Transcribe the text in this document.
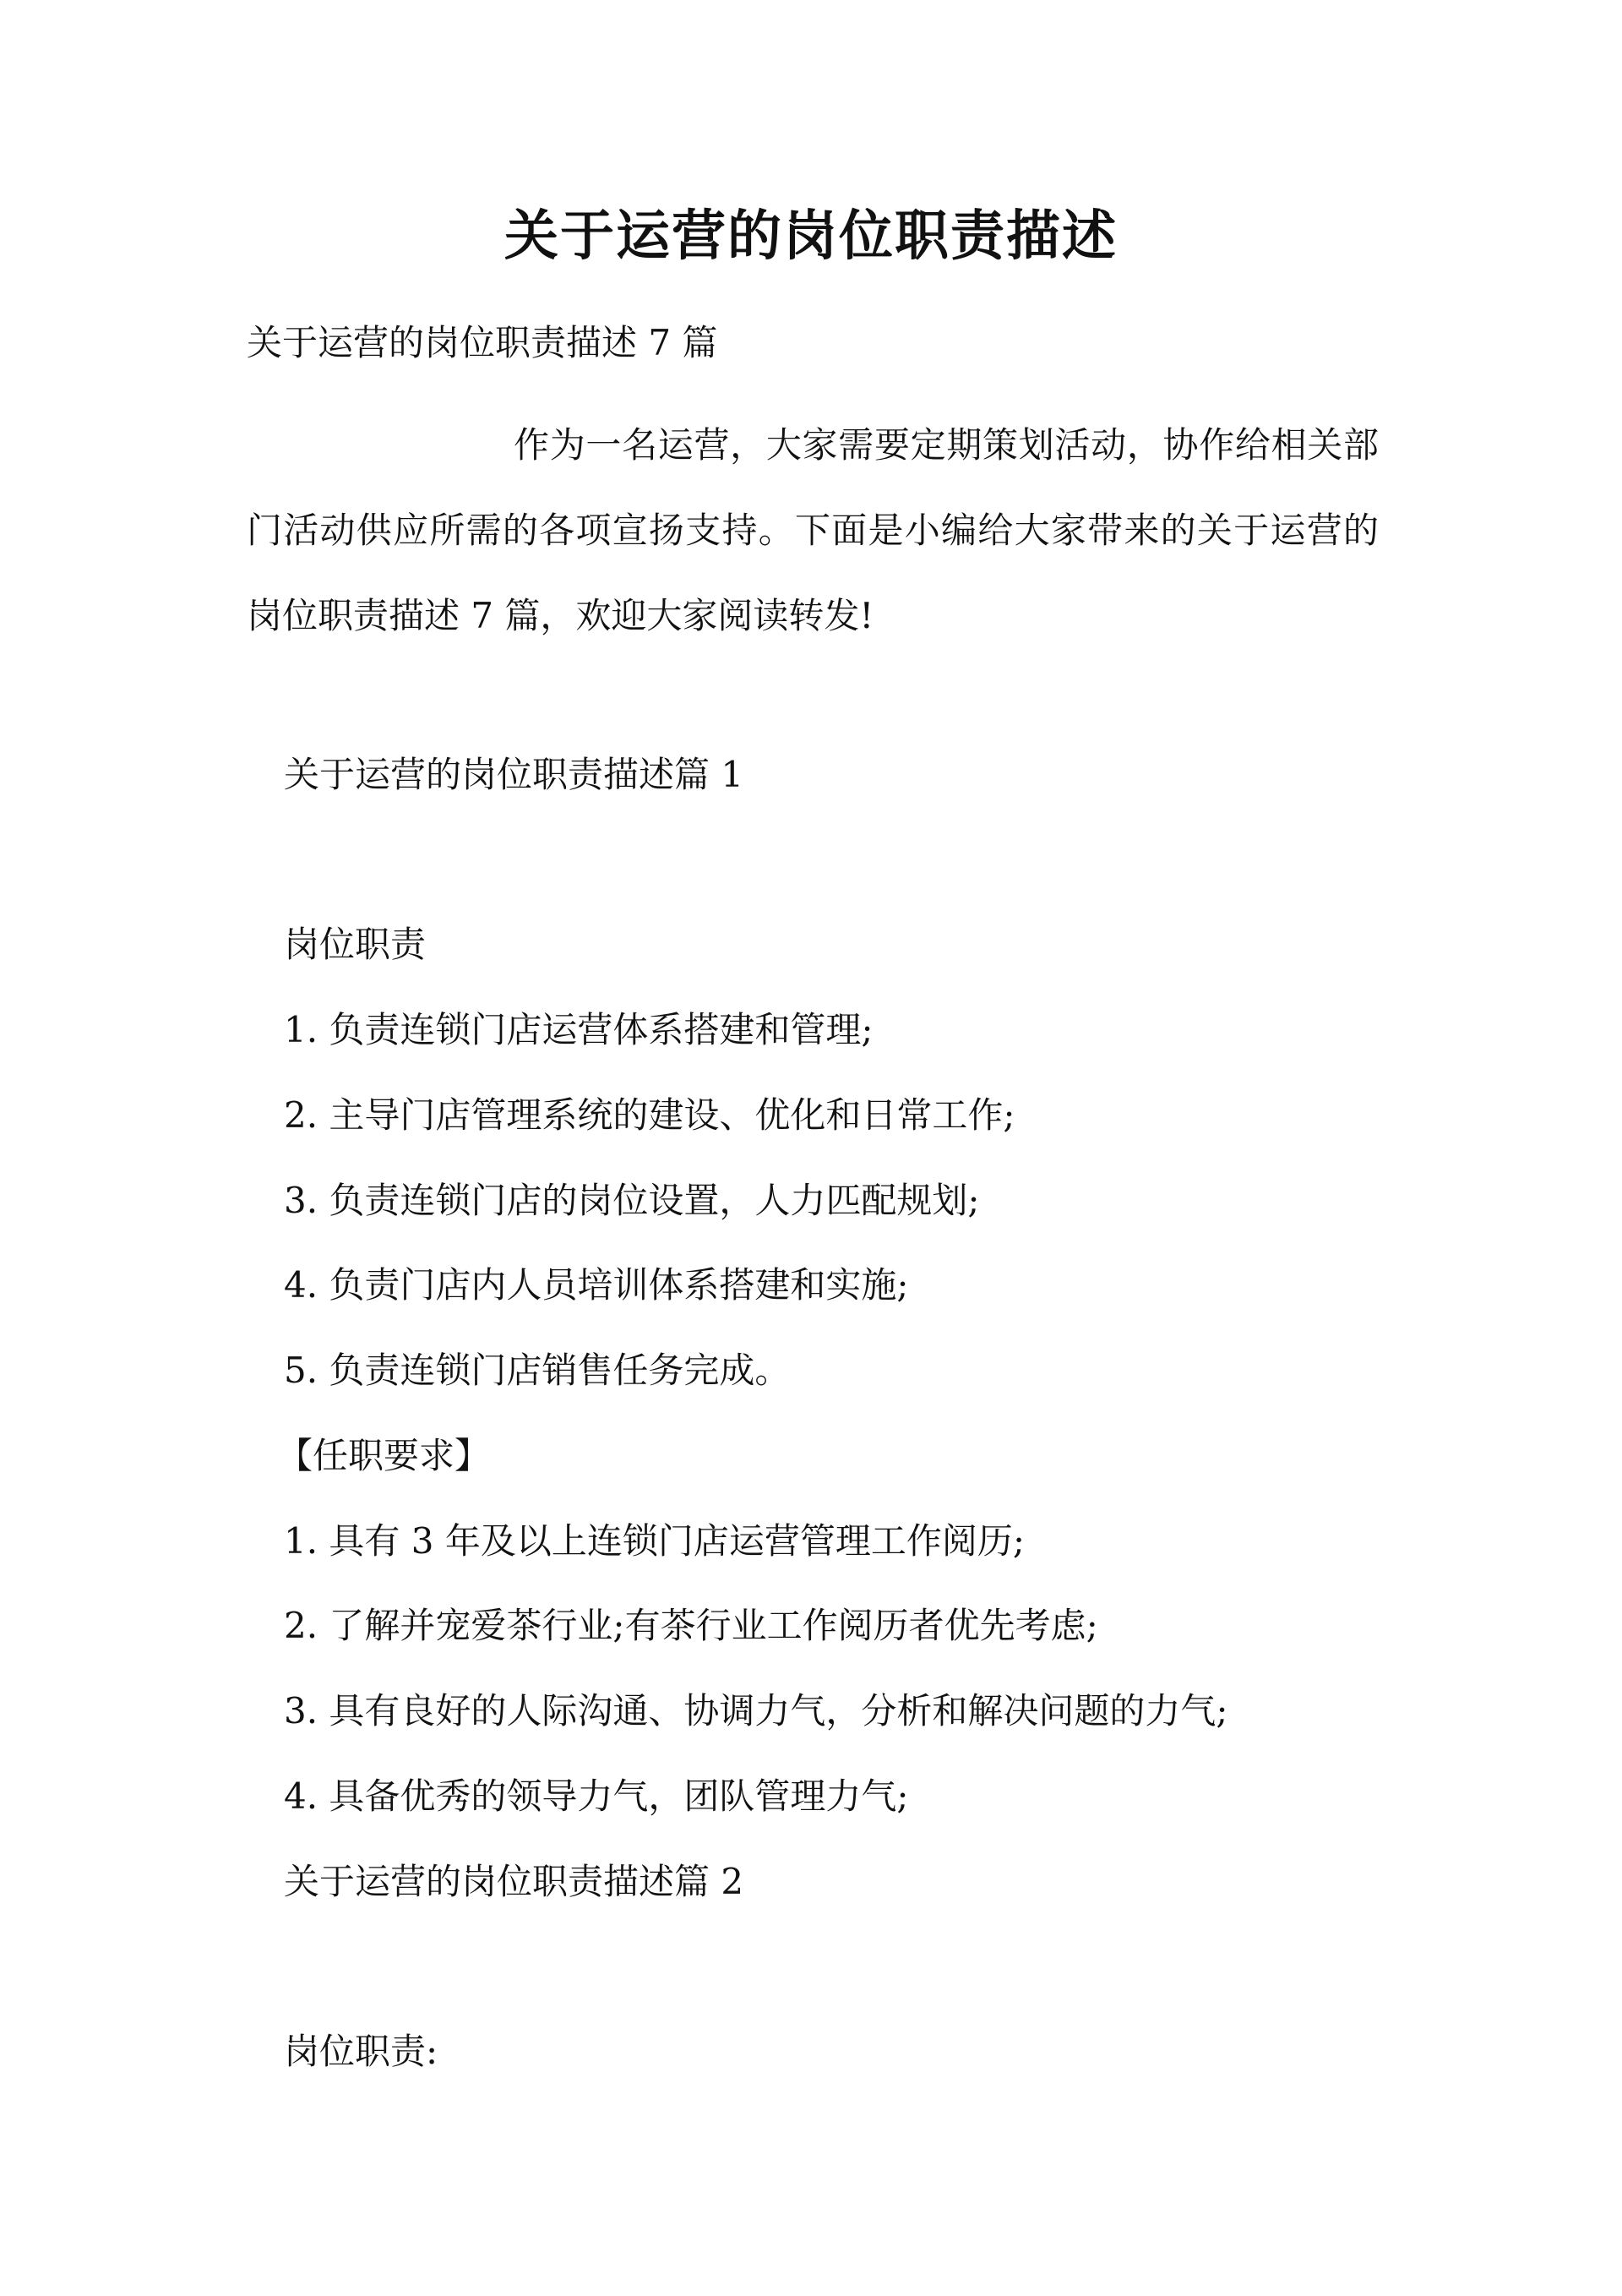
关于运营的岗位职责描述
关于运营的岗位职责描述 7 篇
作为一名运营，大家需要定期策划活动，协作给相关部门活动供应所需的各项宣扬支持。下面是小编给大家带来的关于运营的岗位职责描述 7 篇，欢迎大家阅读转发!
关于运营的岗位职责描述篇 1
岗位职责
1. 负责连锁门店运营体系搭建和管理;
2. 主导门店管理系统的建设、优化和日常工作;
3. 负责连锁门店的岗位设置，人力匹配规划;
4. 负责门店内人员培训体系搭建和实施;
5. 负责连锁门店销售任务完成。
【任职要求】
1. 具有 3 年及以上连锁门店运营管理工作阅历;
2. 了解并宠爱茶行业;有茶行业工作阅历者优先考虑;
3. 具有良好的人际沟通、协调力气，分析和解决问题的力气;
4. 具备优秀的领导力气，团队管理力气;
关于运营的岗位职责描述篇 2
岗位职责:
